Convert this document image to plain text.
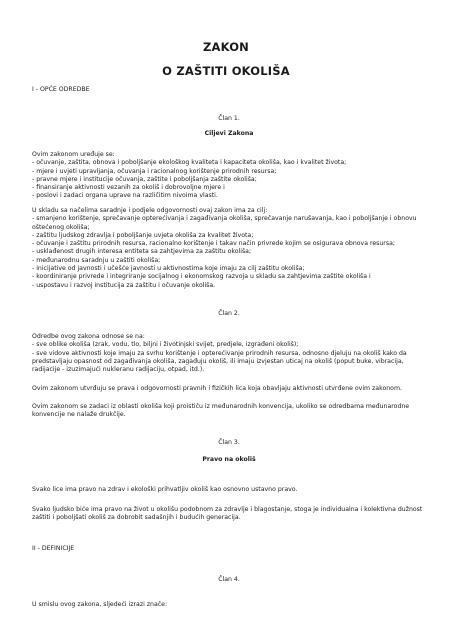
ZAKON
O ZAŠTITI OKOLIŠA
I - OPĆE ODREDBE
Član 1.
Ciljevi Zakona
Ovim zakonom uređuje se:
- očuvanje, zaštita, obnova i poboljšanje ekološkog kvaliteta i kapaciteta okoliša, kao i kvalitet života;
- mjere i uvjeti upravljanja, očuvanja i racionalnog korištenje prirodnih resursa;
- pravne mjere i institucije očuvanja, zaštite i poboljšanja zaštite okoliša;
- finansiranje aktivnosti vezanih za okoliš i dobrovoljne mjere i
- poslovi i zadaci organa uprave na različitim nivoima vlasti.
U skladu sa načelima saradnje i podjele odgovornosti ovaj zakon ima za cilj:
- smanjeno korištenje, sprečavanje opterećivanja i zagađivanja okoliša, sprečavanje narušavanja, kao i poboljšanje i obnovu oštećenog okoliša;
- zaštitu ljudskog zdravlja i poboljšanje uvjeta okoliša za kvalitet života;
- očuvanje i zaštitu prirodnih resursa, racionalno korištenje i takav način privrede kojim se osigurava obnova resursa;
- usklađenost drugih interesa entiteta sa zahtjevima za zaštitu okoliša;
- međunarodnu saradnju u zaštiti okoliša;
- inicijative od javnosti i učešće javnosti u aktivnostima koje imaju za cilj zaštitu okoliša;
- koordiniranje privrede i integriranje socijalnog i ekonomskog razvoja u skladu sa zahtjevima zaštite okoliša i
- uspostavu i razvoj institucija za zaštitu i očuvanje okoliša.
Član 2.
Odredbe ovog zakona odnose se na:
- sve oblike okoliša (zrak, vodu, tlo, biljni i životinjski svijet, predjele, izgrađeni okoliš);
- sve vidove aktivnosti koje imaju za svrhu korištenje i opterećivanje prirodnih resursa, odnosno djeluju na okoliš kako da predstavljaju opasnost od zagađivanja okoliša, zagađuju okoliš, ili imaju izvjestan uticaj na okoliš (poput buke, vibracija, radijacije - izuzimajući nukleranu radijaciju, otpad, itd.).
Ovim zakonom utvrđuju se prava i odgovornosti pravnih i fizičkih lica koja obavljaju aktivnosti utvrđene ovim zakonom.
Ovim zakonom se zadaci iz oblasti okoliša koji proističu iz međunarodnih konvencija, ukoliko se odredbama međunarodne konvencije ne nalaže drukčije.
Član 3.
Pravo na okoliš
Svako lice ima pravo na zdrav i ekološki prihvatljiv okoliš kao osnovno ustavno pravo.
Svako ljudsko biće ima pravo na život u okolišu podobnom za zdravlje i blagostanje, stoga je individualna i kolektivna dužnost zaštiti i poboljšati okoliš za dobrobit sadašnjih i budućih generacija.
II - DEFINICIJE
Član 4.
U smislu ovog zakona, sljedeći izrazi znače:
